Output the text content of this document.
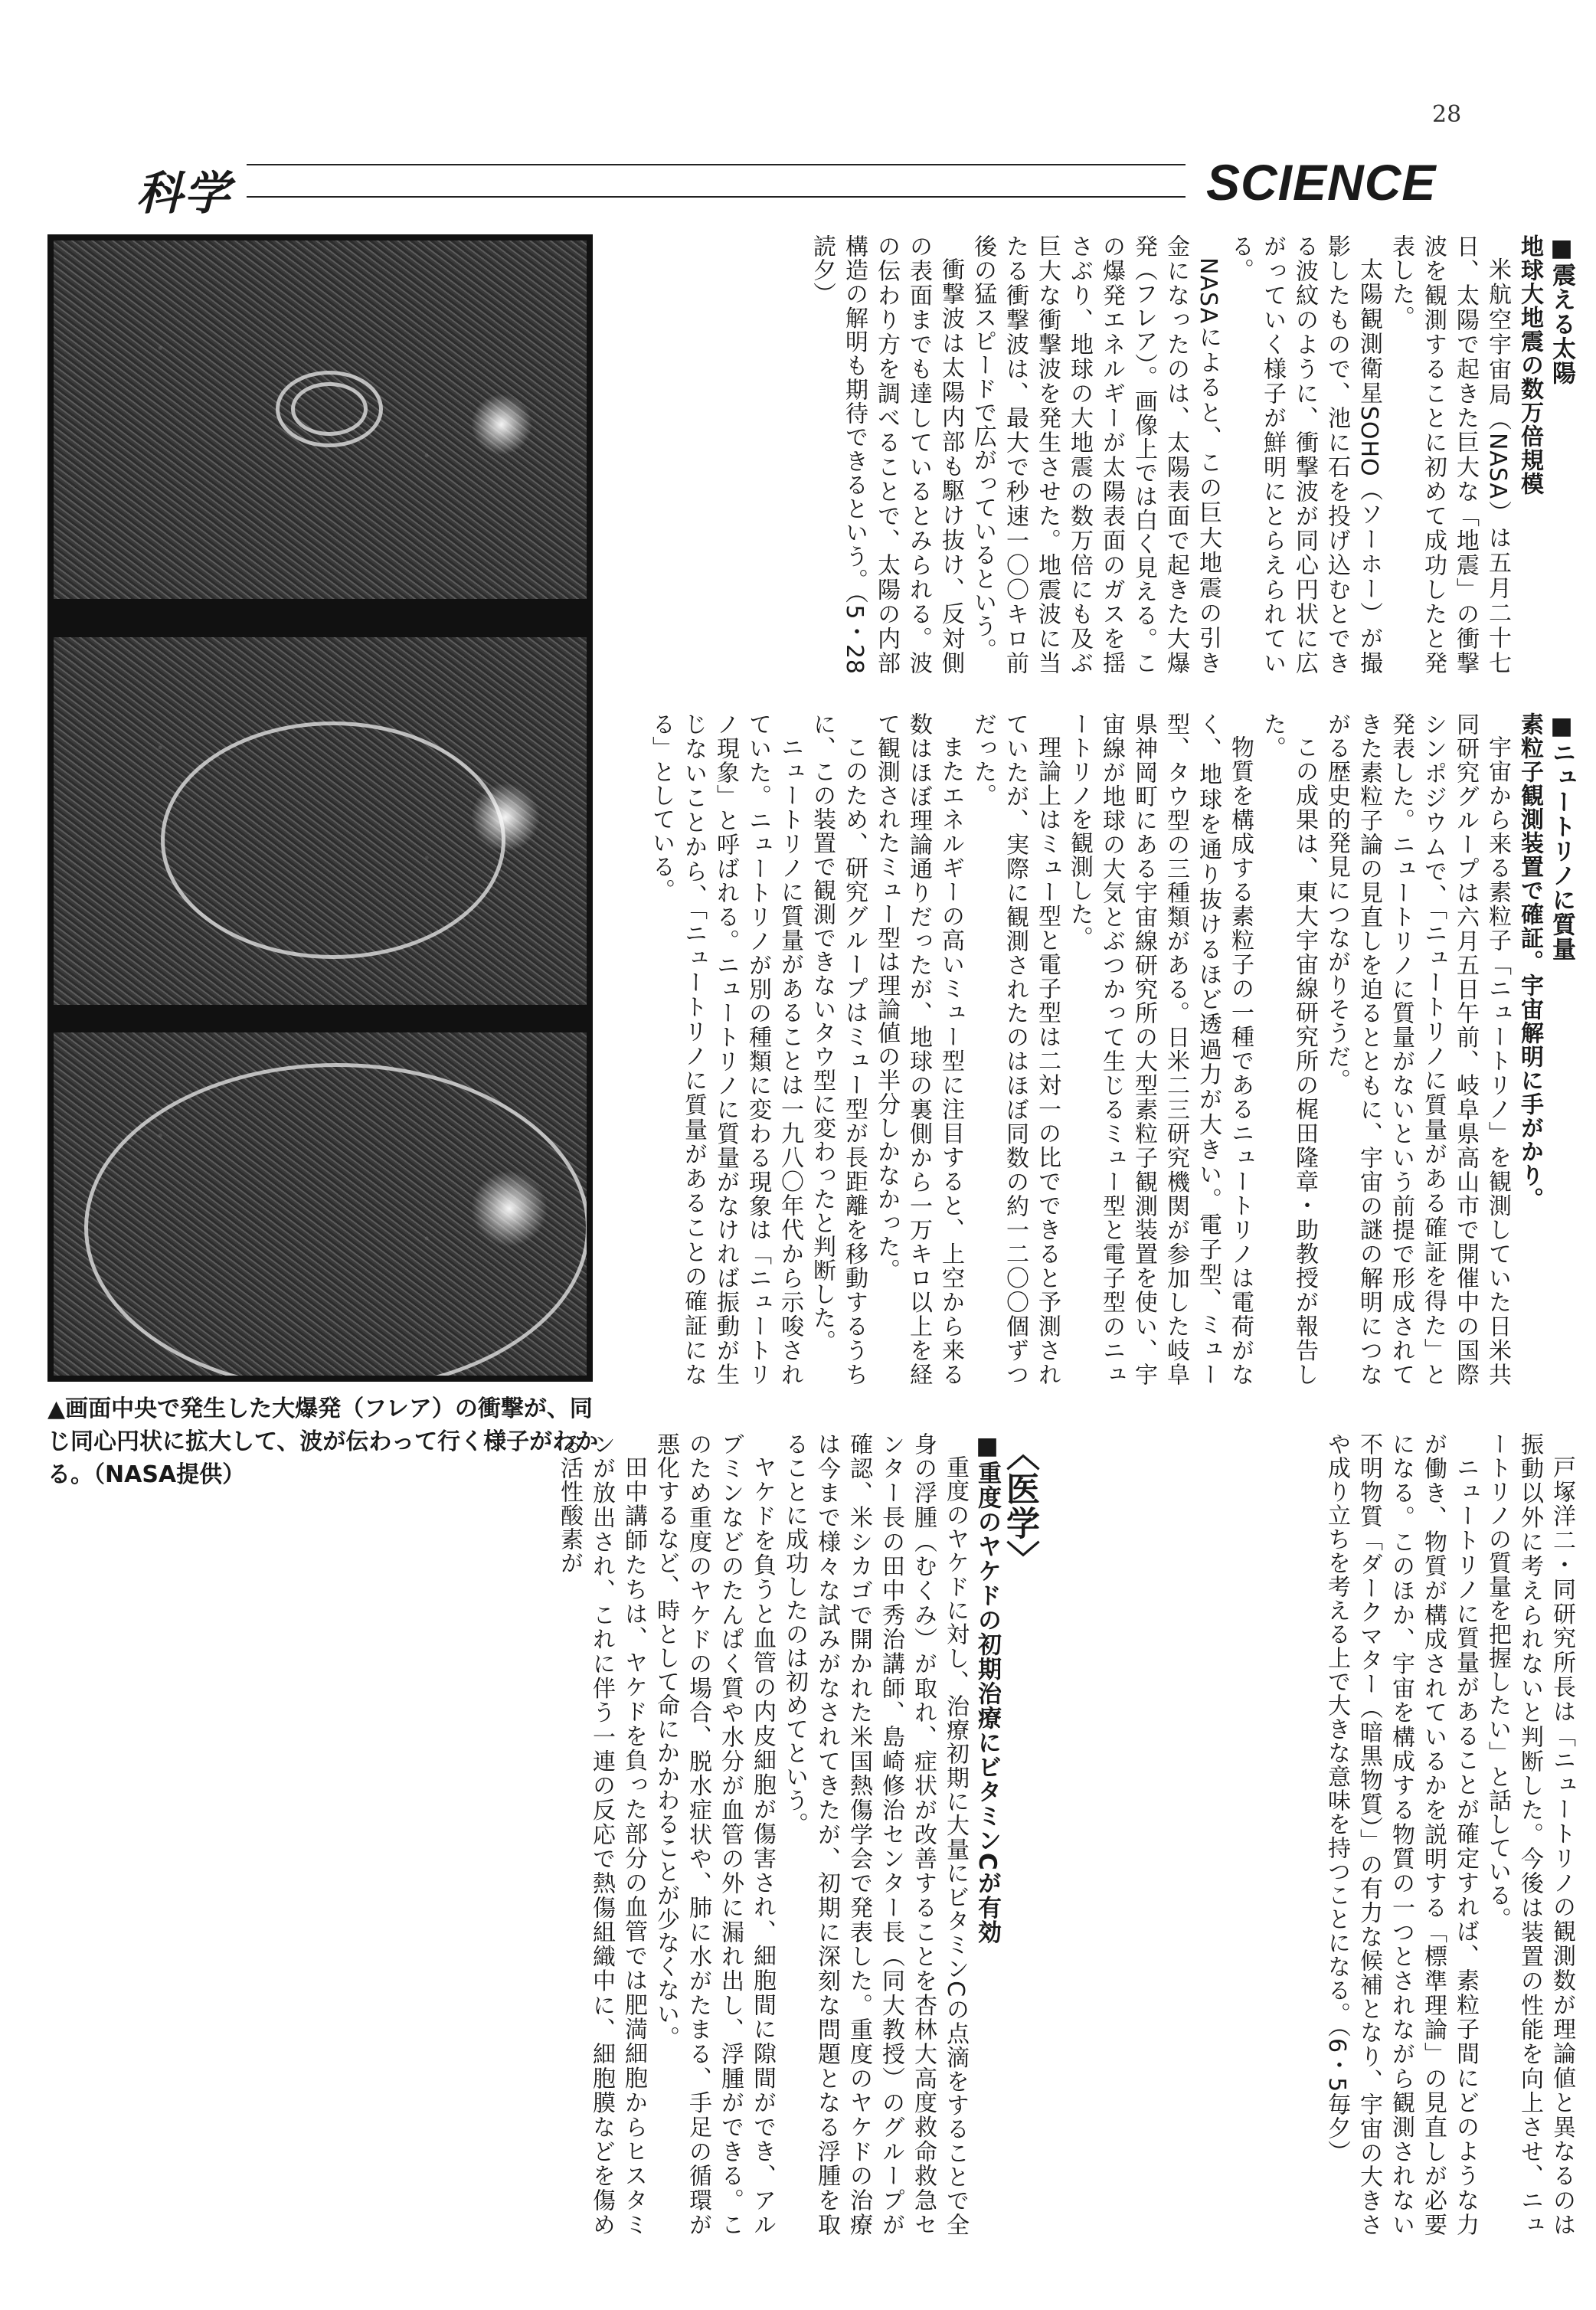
28
科学	SCIENCE
▲画面中央で発生した大爆発（フレア）の衝撃が、同じ同心円状に拡大して、波が伝わって行く様子がわかる。（NASA提供）
■震える太陽
地球大地震の数万倍規模

米航空宇宙局（NASA）は五月二十七日、太陽で起きた巨大な「地震」の衝撃波を観測することに初めて成功したと発表した。

太陽観測衛星SOHO（ソーホー）が撮影したもので、池に石を投げ込むとできる波紋のように、衝撃波が同心円状に広がっていく様子が鮮明にとらえられている。

NASAによると、この巨大地震の引き金になったのは、太陽表面で起きた大爆発（フレア）。画像上では白く見える。この爆発エネルギーが太陽表面のガスを揺さぶり、地球の大地震の数万倍にも及ぶ巨大な衝撃波を発生させた。地震波に当たる衝撃波は、最大で秒速一〇〇キロ前後の猛スピードで広がっているという。

衝撃波は太陽内部も駆け抜け、反対側の表面までも達しているとみられる。波の伝わり方を調べることで、太陽の内部構造の解明も期待できるという。（5・28読夕）

■ニュートリノに質量
素粒子観測装置で確証。宇宙解明に手がかり。

宇宙から来る素粒子「ニュートリノ」を観測していた日米共同研究グループは六月五日午前、岐阜県高山市で開催中の国際シンポジウムで、「ニュートリノに質量がある確証を得た」と発表した。ニュートリノに質量がないという前提で形成されてきた素粒子論の見直しを迫るとともに、宇宙の謎の解明につながる歴史的発見につながりそうだ。

この成果は、東大宇宙線研究所の梶田隆章・助教授が報告した。

物質を構成する素粒子の一種であるニュートリノは電荷がなく、地球を通り抜けるほど透過力が大きい。電子型、ミュー型、タウ型の三種類がある。日米二三研究機関が参加した岐阜県神岡町にある宇宙線研究所の大型素粒子観測装置を使い、宇宙線が地球の大気とぶつかって生じるミュー型と電子型のニュートリノを観測した。

理論上はミュー型と電子型は二対一の比でできると予測されていたが、実際に観測されたのはほぼ同数の約一二〇〇個ずつだった。

またエネルギーの高いミュー型に注目すると、上空から来る数はほぼ理論通りだったが、地球の裏側から一万キロ以上を経て観測されたミュー型は理論値の半分しかなかった。

このため、研究グループはミュー型が長距離を移動するうちに、この装置で観測できないタウ型に変わったと判断した。

ニュートリノに質量があることは一九八〇年代から示唆されていた。ニュートリノが別の種類に変わる現象は「ニュートリノ現象」と呼ばれる。ニュートリノに質量がなければ振動が生じないことから、「ニュートリノに質量があることの確証になる」としている。

戸塚洋二・同研究所長は「ニュートリノの観測数が理論値と異なるのは振動以外に考えられないと判断した。今後は装置の性能を向上させ、ニュートリノの質量を把握したい」と話している。

ニュートリノに質量があることが確定すれば、素粒子間にどのような力が働き、物質が構成されているかを説明する「標準理論」の見直しが必要になる。このほか、宇宙を構成する物質の一つとされながら観測されない不明物質「ダークマター（暗黒物質）」の有力な候補となり、宇宙の大きさや成り立ちを考える上で大きな意味を持つことになる。（6・5毎夕）

〈医学〉
■重度のヤケドの初期治療にビタミンCが有効

重度のヤケドに対し、治療初期に大量にビタミンCの点滴をすることで全身の浮腫（むくみ）が取れ、症状が改善することを杏林大高度救命救急センター長の田中秀治講師、島崎修治センター長（同大教授）のグループが確認、米シカゴで開かれた米国熱傷学会で発表した。重度のヤケドの治療は今まで様々な試みがなされてきたが、初期に深刻な問題となる浮腫を取ることに成功したのは初めてという。

ヤケドを負うと血管の内皮細胞が傷害され、細胞間に隙間ができ、アルブミンなどのたんぱく質や水分が血管の外に漏れ出し、浮腫ができる。このため重度のヤケドの場合、脱水症状や、肺に水がたまる、手足の循環が悪化するなど、時として命にかかわることが少なくない。

田中講師たちは、ヤケドを負った部分の血管では肥満細胞からヒスタミンが放出され、これに伴う一連の反応で熱傷組織中に、細胞膜などを傷める活性酸素が
